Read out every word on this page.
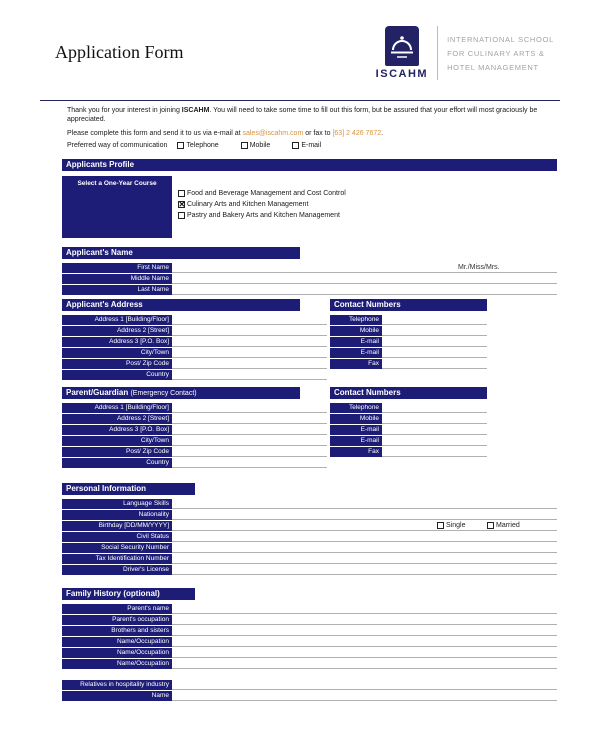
Application Form
ISCAHM
INTERNATIONAL SCHOOL
FOR CULINARY ARTS &
HOTEL MANAGEMENT

Thank you for your interest in joining ISCAHM. You will need to take some time to fill out this form, but be assured that your effort will most graciously be appreciated.

Please complete this form and send it to us via e-mail at sales@iscahm.com or fax to [63] 2 426 7672.

Preferred way of communication	Telephone	Mobile	E-mail
Applicants Profile
Select a One-Year Course
Food and Beverage Management and Cost Control
✕
Culinary Arts and Kitchen Management
Pastry and Bakery Arts and Kitchen Management
Applicant's Name
First Name	Mr./Miss/Mrs.
Middle Name
Last Name
Applicant's Address
Address 1 [Building/Floor]
Address 2 [Street]
Address 3 [P.O. Box]
City/Town
Post/ Zip Code
Country
Contact Numbers
Telephone
Mobile
E-mail
E-mail
Fax
Parent/Guardian (Emergency Contact)
Address 1 [Building/Floor]
Address 2 [Street]
Address 3 [P.O. Box]
City/Town
Post/ Zip Code
Country
Contact Numbers
Telephone
Mobile
E-mail
E-mail
Fax
Personal Information
Language Skills
Nationality
Birthday [DD/MM/YYYY]	Single	Married
Civil Status
Social Security Number
Tax Identification Number
Driver's License
Family History (optional)
Parent's name
Parent's occupation
Brothers and sisters
Name/Occupation
Name/Occupation
Name/Occupation
Relatives in hospitality industry
Name
